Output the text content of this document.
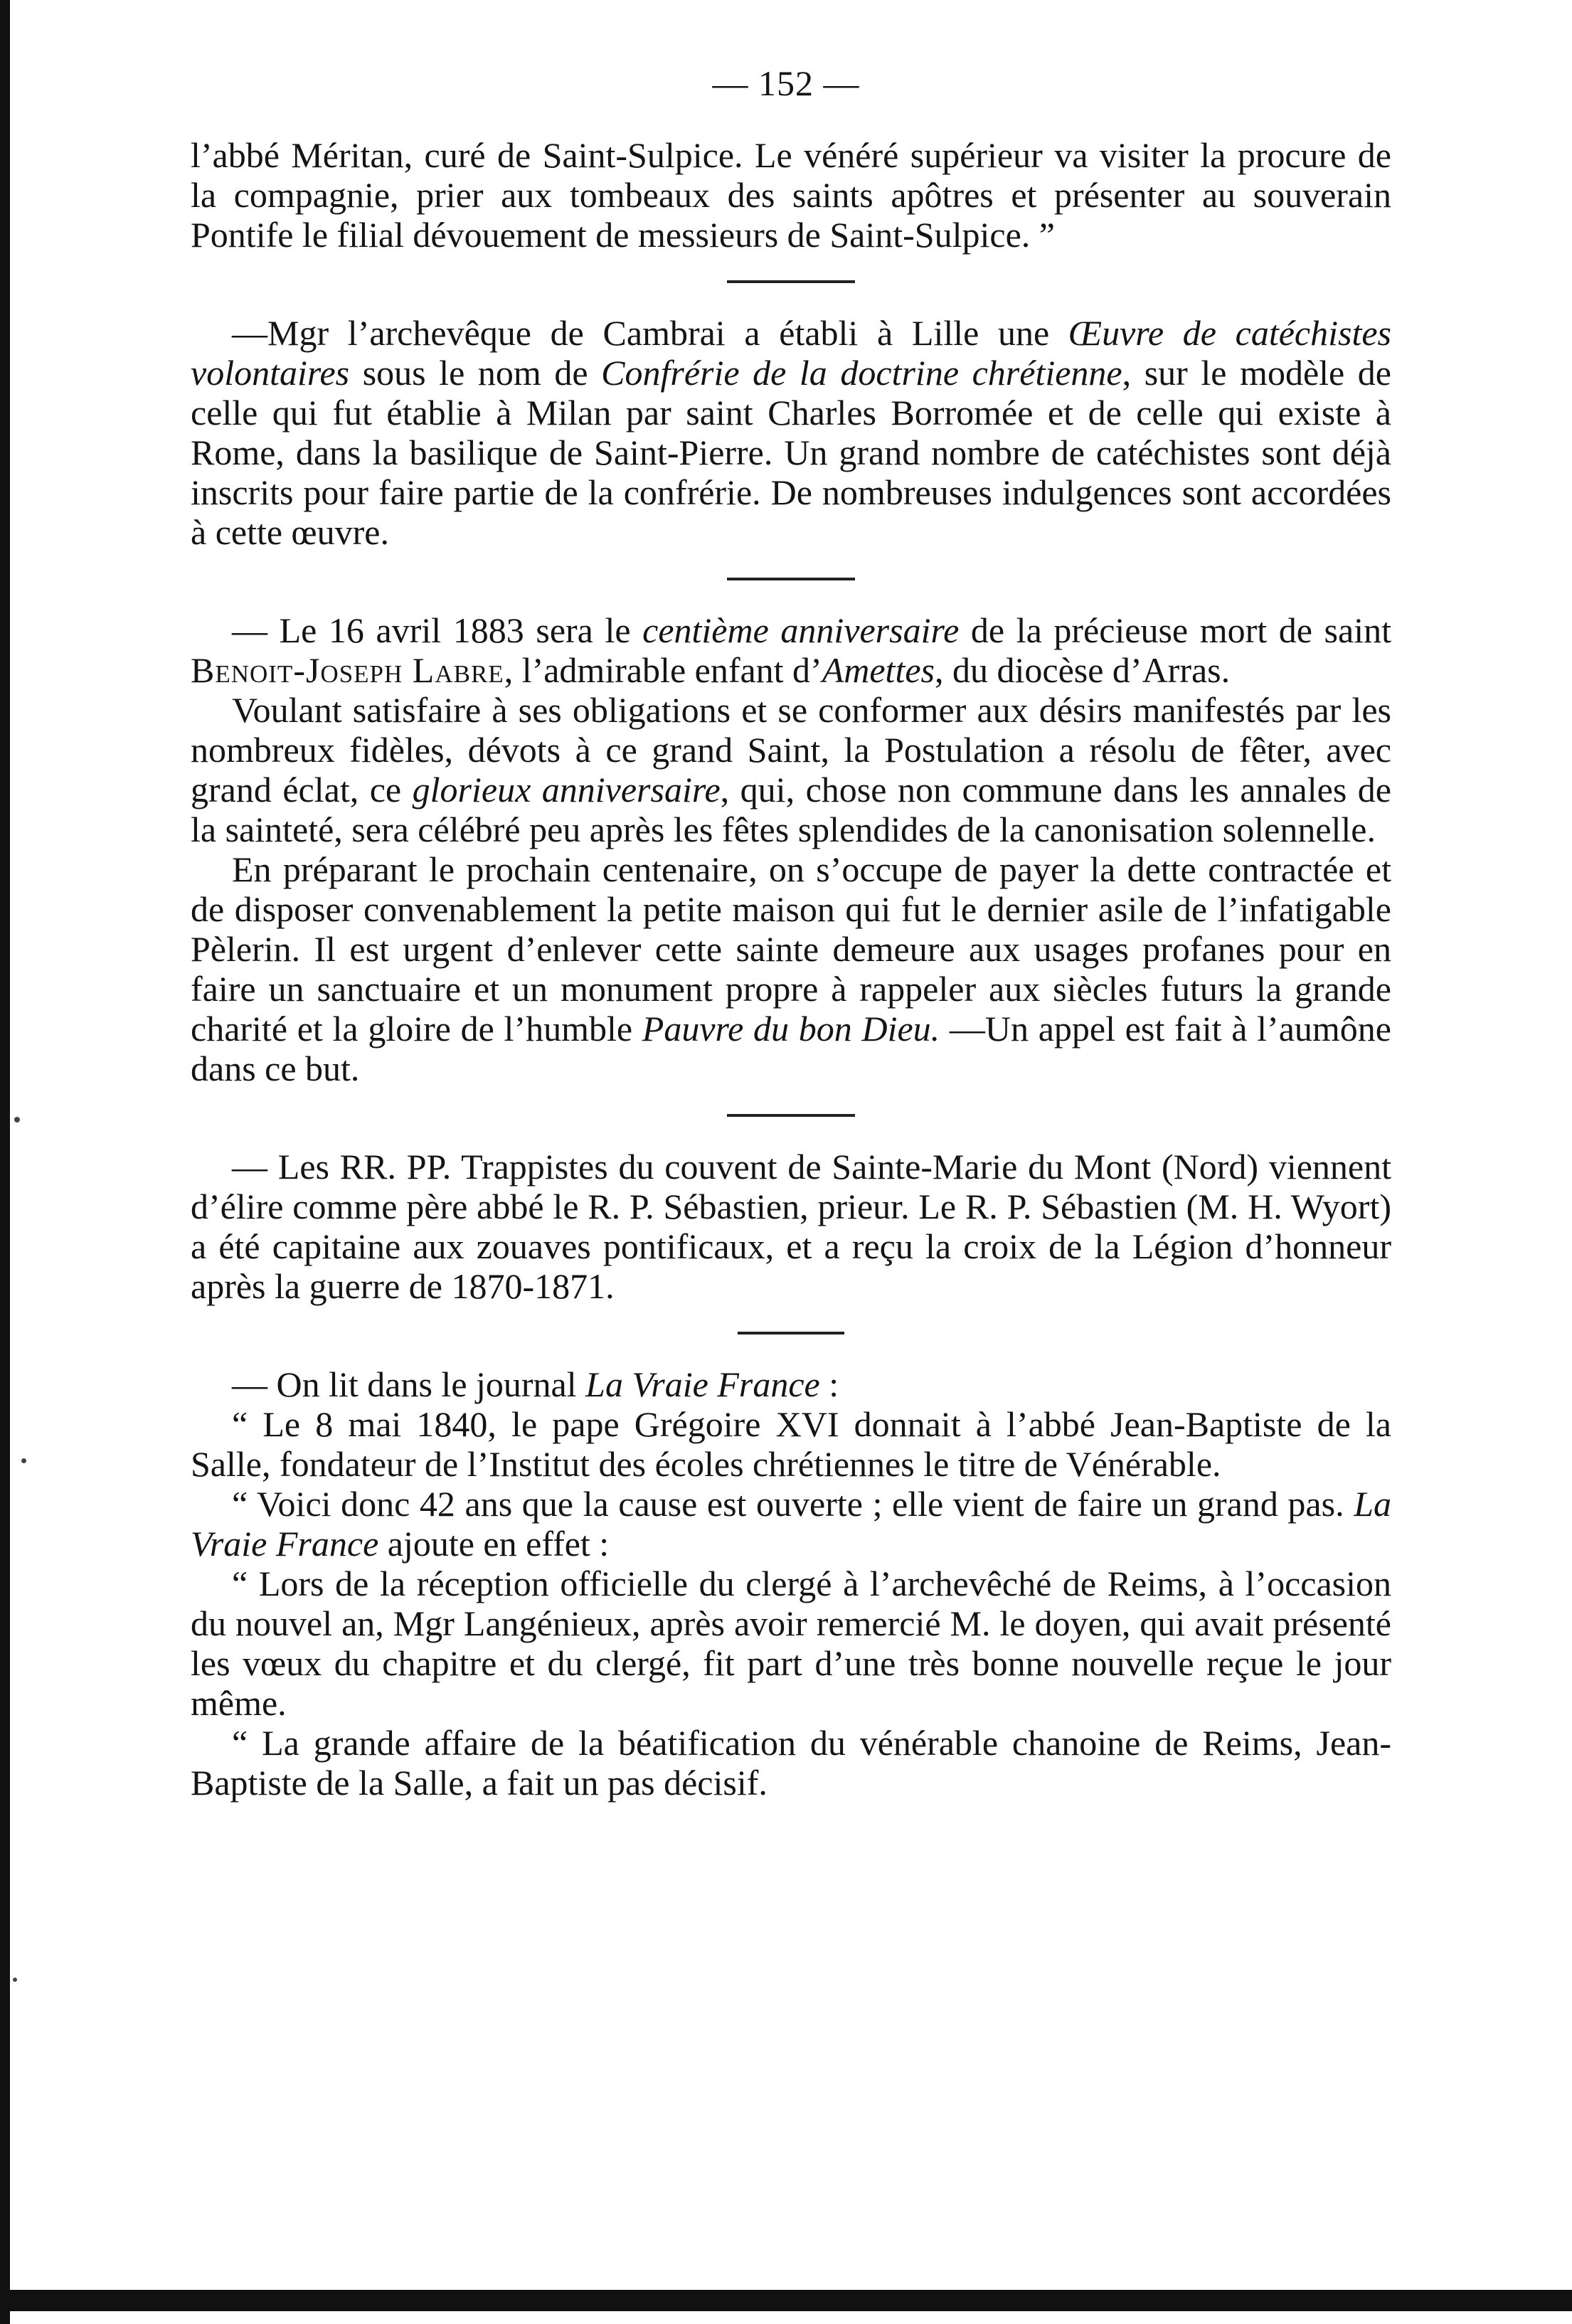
— 152 —

l’abbé Méritan, curé de Saint-Sulpice. Le vénéré supérieur va visiter la procure de la compagnie, prier aux tombeaux des saints apôtres et présenter au souverain Pontife le filial dévouement de messieurs de Saint-Sulpice. ”

—Mgr l’archevêque de Cambrai a établi à Lille une Œuvre de catéchistes volontaires sous le nom de Confrérie de la doctrine chrétienne, sur le modèle de celle qui fut établie à Milan par saint Charles Borromée et de celle qui existe à Rome, dans la basilique de Saint-Pierre. Un grand nombre de catéchistes sont déjà inscrits pour faire partie de la confrérie. De nombreuses indulgences sont accordées à cette œuvre.

— Le 16 avril 1883 sera le centième anniversaire de la précieuse mort de saint Benoit-Joseph Labre, l’admirable enfant d’Amettes, du diocèse d’Arras.

Voulant satisfaire à ses obligations et se conformer aux désirs manifestés par les nombreux fidèles, dévots à ce grand Saint, la Postulation a résolu de fêter, avec grand éclat, ce glorieux anniversaire, qui, chose non commune dans les annales de la sainteté, sera célébré peu après les fêtes splendides de la canonisation solennelle.

En préparant le prochain centenaire, on s’occupe de payer la dette contractée et de disposer convenablement la petite maison qui fut le dernier asile de l’infatigable Pèlerin. Il est urgent d’enlever cette sainte demeure aux usages profanes pour en faire un sanctuaire et un monument propre à rappeler aux siècles futurs la grande charité et la gloire de l’humble Pauvre du bon Dieu. —Un appel est fait à l’aumône dans ce but.

— Les RR. PP. Trappistes du couvent de Sainte-Marie du Mont (Nord) viennent d’élire comme père abbé le R. P. Sébastien, prieur. Le R. P. Sébastien (M. H. Wyort) a été capitaine aux zouaves pontificaux, et a reçu la croix de la Légion d’honneur après la guerre de 1870-1871.

— On lit dans le journal La Vraie France :

“ Le 8 mai 1840, le pape Grégoire XVI donnait à l’abbé Jean-Baptiste de la Salle, fondateur de l’Institut des écoles chrétiennes le titre de Vénérable.

“ Voici donc 42 ans que la cause est ouverte ; elle vient de faire un grand pas. La Vraie France ajoute en effet :

“ Lors de la réception officielle du clergé à l’archevêché de Reims, à l’occasion du nouvel an, Mgr Langénieux, après avoir remercié M. le doyen, qui avait présenté les vœux du chapitre et du clergé, fit part d’une très bonne nouvelle reçue le jour même.

“ La grande affaire de la béatification du vénérable chanoine de Reims, Jean-Baptiste de la Salle, a fait un pas décisif.
